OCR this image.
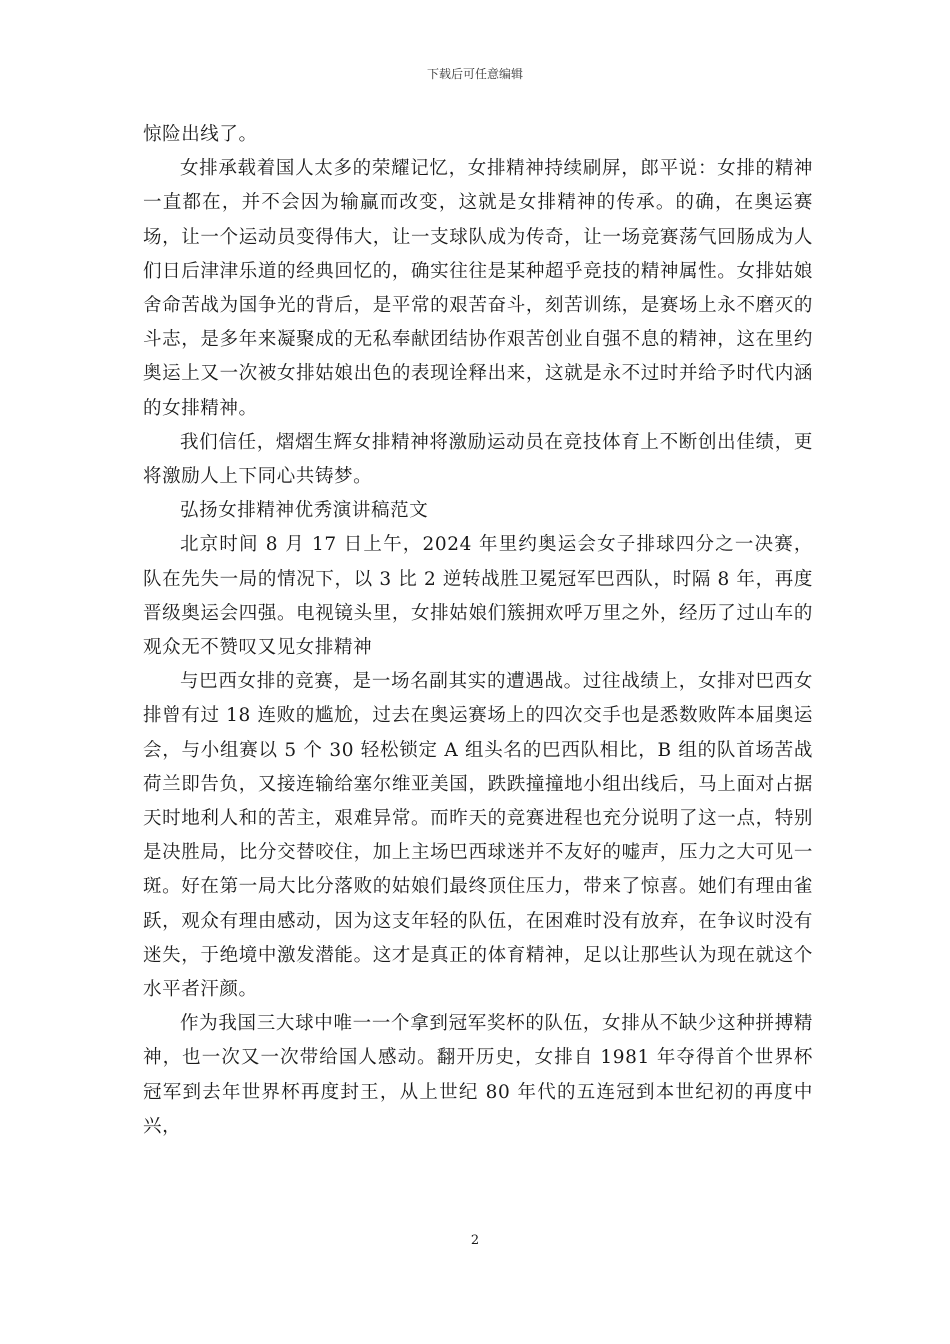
下载后可任意编辑

惊险出线了。

女排承载着国人太多的荣耀记忆，女排精神持续刷屏，郎平说：女排的精神一直都在，并不会因为输赢而改变，这就是女排精神的传承。的确，在奥运赛场，让一个运动员变得伟大，让一支球队成为传奇，让一场竞赛荡气回肠成为人们日后津津乐道的经典回忆的，确实往往是某种超乎竞技的精神属性。女排姑娘舍命苦战为国争光的背后，是平常的艰苦奋斗，刻苦训练，是赛场上永不磨灭的斗志，是多年来凝聚成的无私奉献团结协作艰苦创业自强不息的精神，这在里约奥运上又一次被女排姑娘出色的表现诠释出来，这就是永不过时并给予时代内涵的女排精神。

我们信任，熠熠生辉女排精神将激励运动员在竞技体育上不断创出佳绩，更将激励人上下同心共铸梦。

弘扬女排精神优秀演讲稿范文

北京时间 8 月 17 日上午，2024 年里约奥运会女子排球四分之一决赛，队在先失一局的情况下，以 3 比 2 逆转战胜卫冕冠军巴西队，时隔 8 年，再度晋级奥运会四强。电视镜头里，女排姑娘们簇拥欢呼万里之外，经历了过山车的观众无不赞叹又见女排精神

与巴西女排的竞赛，是一场名副其实的遭遇战。过往战绩上，女排对巴西女排曾有过 18 连败的尴尬，过去在奥运赛场上的四次交手也是悉数败阵本届奥运会，与小组赛以 5 个 30 轻松锁定 A 组头名的巴西队相比，B 组的队首场苦战荷兰即告负，又接连输给塞尔维亚美国，跌跌撞撞地小组出线后，马上面对占据天时地利人和的苦主，艰难异常。而昨天的竞赛进程也充分说明了这一点，特别是决胜局，比分交替咬住，加上主场巴西球迷并不友好的嘘声，压力之大可见一斑。好在第一局大比分落败的姑娘们最终顶住压力，带来了惊喜。她们有理由雀跃，观众有理由感动，因为这支年轻的队伍，在困难时没有放弃，在争议时没有迷失，于绝境中激发潜能。这才是真正的体育精神，足以让那些认为现在就这个水平者汗颜。

作为我国三大球中唯一一个拿到冠军奖杯的队伍，女排从不缺少这种拼搏精神，也一次又一次带给国人感动。翻开历史，女排自 1981 年夺得首个世界杯冠军到去年世界杯再度封王，从上世纪 80 年代的五连冠到本世纪初的再度中兴，

2
